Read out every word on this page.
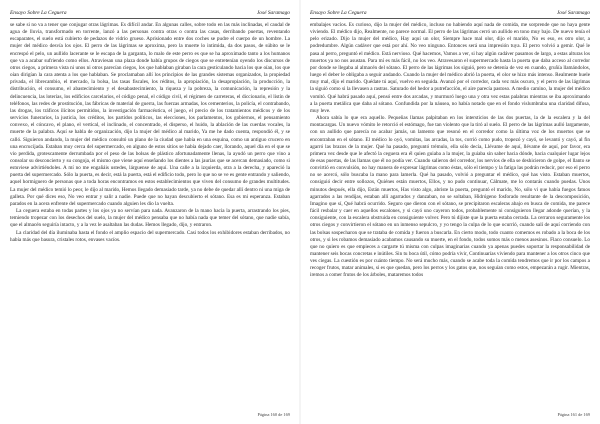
Ensayo Sobre La Ceguera	José Saramago

se sabe si no va a tener que conjugar otras lágrimas. Es difícil andar. En algunas calles, sobre todo en las más inclinadas, el caudal de agua de lluvia, transformado en torrente, lanzó a las personas contra otras o contra las casas, derribando puertas, reventando escaparates, el suelo está cubierto de pedazos de vidrio grueso. Aprisionado entre dos coches se pudre el cuerpo de un hombre. La mujer del médico desvía los ojos. El perro de las lágrimas se aproxima, pero la muerte lo intimida, da dos pasos, de súbito se le encrespó el pelo, un aullido lacerante se le escapa de la garganta, lo malo de este perro es que se ha aproximado tanto a los humanos que va a acabar sufriendo como ellos. Atraviesan una plaza donde había grupos de ciegos que se entretenían oyendo los discursos de otros ciegos, a primera vista ni unos ni otros parecían ciegos, los que hablaban giraban la cara gesticulando hacia los que oían, los que oían dirigían la cara atenta a los que hablaban. Se proclamaban allí los principios de las grandes sistemas organizados, la propiedad privada, el librecambio, el mercado, la bolsa, las tasas fiscales, los réditos, la apropiación, la desapropiación, la producción, la distribución, el consumo, el abastecimiento y el desabastecimiento, la riqueza y la pobreza, la comunicación, la represión y la delincuencia, las loterías, los edificios carcelarios, el código penal, el código civil, el régimen de carreteras, el diccionario, el listín de teléfonos, las redes de prostitución, las fábricas de material de guerra, las fuerzas armadas, los cementerios, la policía, el contrabando, las drogas, los tráficos ilícitos permitidos, la investigación farmacéutica, el juego, el precio de los tratamientos médicos y de los servicios funerarios, la justicia, los créditos, los partidos políticos, las elecciones, los parlamentos, los gobiernos, el pensamiento convexo, el cóncavo, el plano, el vertical, el inclinado, el concentrado, el disperso, el huido, la ablación de las cuerdas vocales, la muerte de la palabra. Aquí se habla de organización, dijo la mujer del médico al marido, Ya me he dado cuenta, respondió él, y se calló. Siguieron andando, la mujer del médico consultó un plano de la ciudad que había en una esquina, como un antiguo crucero en una encrucijada. Estaban muy cerca del supermercado, en alguno de estos sitios se había dejado caer, llorando, aquel día en el que se vio perdida, grotescamente derrumbada por el peso de las bolsas de plástico afortunadamente llenas, la ayudó un perro que vino a consolar su desconcierto y su congoja, el mismo que viene aquí enseñando los dientes a las jaurías que se acercan demasiado, como si estuviese advirtiéndoles. A mí no me engañáis ustedes, lárguense de aquí. Una calle a la izquierda, otra a la derecha, y apareció la puerta del supermercado. Sólo la puerta, es decir, está la puerta, está el edificio todo, pero lo que no se ve es gente entrando y saliendo, aquel hormiguero de personas que a toda horas encontramos en estos establecimientos que viven del consumo de grandes multitudes. La mujer del médico temió lo peor, le dijo al marido, Hemos llegado demasiado tarde, ya no debe de quedar allí dentro ni una miga de galleta. Por qué dices eso, No veo entrar y salir a nadie. Puede que no hayan descubierto el sótano. Esa es mi esperanza. Estaban parados en la acera enfrente del supermercado cuando alguien les dio la vuelta.

La ceguera estaba en todas partes y los ojos ya no servían para nada. Avanzaron de la mano hacia la puerta, arrastrando los pies, temiendo tropezar con los desechos del suelo, la mujer del médico pensaba que no había nada que temer del sótano, que nadie sabía, que el almacén seguiría intacto, y a la vez le asaltaban las dudas. Hemos llegado, dijo, y entraron.

La claridad del día iluminaba hasta el fondo el amplio espacio del supermercado. Casi todos los exhibidores estaban derribados, no había más que basura, cristales rotos, envases vacíos.

Página 160 de 169
Ensayo Sobre La Ceguera	José Saramago

embalajes vacíos. Es curioso, dijo la mujer del médico, incluso no habiendo aquí nada de comida, me sorprende que no haya gente viviendo. El médico dijo, Realmente, no parece normal. El perro de las lágrimas cerró un aullido en tono muy bajo. De nuevo tenía el pelo erizado. Dijo la mujer del médico, Hay aquí un olor, Siempre hace mal olor, dijo el marido, No es eso, es otro olor, a podredumbre. Algún cadáver que está por ahí. No veo ninguno. Entonces será una impresión tuya. El perro volvió a gemir. Qué le pasa al perro, preguntó el médico. Está nervioso. Qué hacemos, Vamos a ver, si hay algún cadáver pasamos de largo, a estas alturas los muertos ya no nos asustan. Para mí es más fácil, no los veo. Atravesaron el supermercado hasta la puerta que daba acceso al corredor por donde se llegaba al almacén del sótano. El perro de las lágrimas los siguió, pero se detenía de vez en cuando, gruñía llamándolos, luego el deber le obligaba a seguir andando. Cuando la mujer del médico abrió la puerta, el olor se hizo más intenso. Realmente huele muy mal, dijo el marido. Quédate tú aquí, vuelvo en seguida. Avanzó por el corredor, cada vez más oscuro, y el perro de las lágrimas la siguió como si la llevasen a rastras. Saturado del hedor a putrefacción, el aire parecía pastoso. A medio camino, la mujer del médico vomitó. Qué habrá pasado aquí, pensó entre dos arcadas, y murmuró luego una y otra vez estas palabras mientras se iba aproximando a la puerta metálica que daba al sótano. Confundida por la náusea, no había notado que en el fondo vislumbraba una claridad difusa, muy leve.

Ahora sabía lo que era aquello. Pequeñas llamas palpitaban en los intersticios de las dos puertas, la de la escalera y la del montacargas. Un nuevo vómito le retorció el estómago, fue tan violento que la tiró al suelo. El perro de las lágrimas aulló largamente, con un aullido que parecía no acabar jamás, un lamento que resonó en el corredor como la última voz de los muertos que se encontraban en el sótano. El médico lo oyó, vomitas, las arcadas, la tos, corrió como pudo, tropezó y cayó, se levantó y cayó, al fin agarró las brazos de la mujer. Qué ha pasado, preguntó trémulo, ella sólo decía, Llévame de aquí, llévame de aquí, por favor, era primera vez desde que le afectó la ceguera era él quien guiaba a la mujer, la guiaba sin saber hacia dónde, hacia cualquier lugar lejos de esas puertas, de las llamas que él no podía ver. Cuando salieron del corredor, los nervios de ella se deshicieron de golpe, el llanto se convirtió en convulsión, no hay manera de expresar lágrimas como éstas, sólo el tiempo y la fatiga las podrán reducir, por eso el perro no se acercó, sólo buscaba la mano para lamerla. Qué ha pasado, volvió a preguntar el médico, qué has visto. Estaban muertos, consiguió decir entre sollozos, Quiénes están muertos, Ellos, y no pudo continuar, Cálmate, me lo contarás cuando puedas. Unos minutos después, ella dijo, Están muertos, Has visto algo, abriste la puerta, preguntó el marido, No, sólo vi que había fuegos fatuos agarrados a las rendijas, estaban allí agarrados y danzaban, no se soltaban, Hidrógeno fosforado resultante de la descomposición, Imagino que sí, Qué habrá ocurrido. Seguro que dieron con el sótano, se precipitaron escaleras abajo en busca de comida, me parece fácil resbalar y caer en aquellos escalones, y si cayó uno cayeron todos, probablemente ni consiguieron llegar adonde querían, y la consiguiente, con la escalera obstruida en consiguiente volver. Pero tú dijiste que la puerta estaba cerrada. La cerraron seguramente los otros ciegos y convirtieron el sótano en un inmenso sepulcro, y yo tengo la culpa de lo que ocurrió, cuando salí de aquí corriendo con las bolsas sospecharon que se trataba de comida y fueron a buscarla. En cierto modo, todo cuanto comemos es robado a la boca de los otros, y si les robamos demasiado acabamos causando su muerte, en el fondo, todos somos más o menos asesinos. Flaco consuelo. Lo que no quiero es que empieces a cargarte tú misma con culpas imaginarias cuando ya apenas puedes soportar la responsabilidad de mantener seis bocas concretas e inútiles. Sin tu boca útil, cómo podría vivir, Continuarías viviendo para mantener a los otros cinco que ves ciegas. La cuestión es por cuánto tiempo. No será mucho más, cuando se acabe toda la comida tendremos que ir por los campos a recoger frutos, matar animales, si es que quedan, pero los perros y los gatos que, nos seguían como estos, empezarán a rugir. Mientras, iremos a comer frutos de los árboles, mataremos todos

Página 161 de 169
